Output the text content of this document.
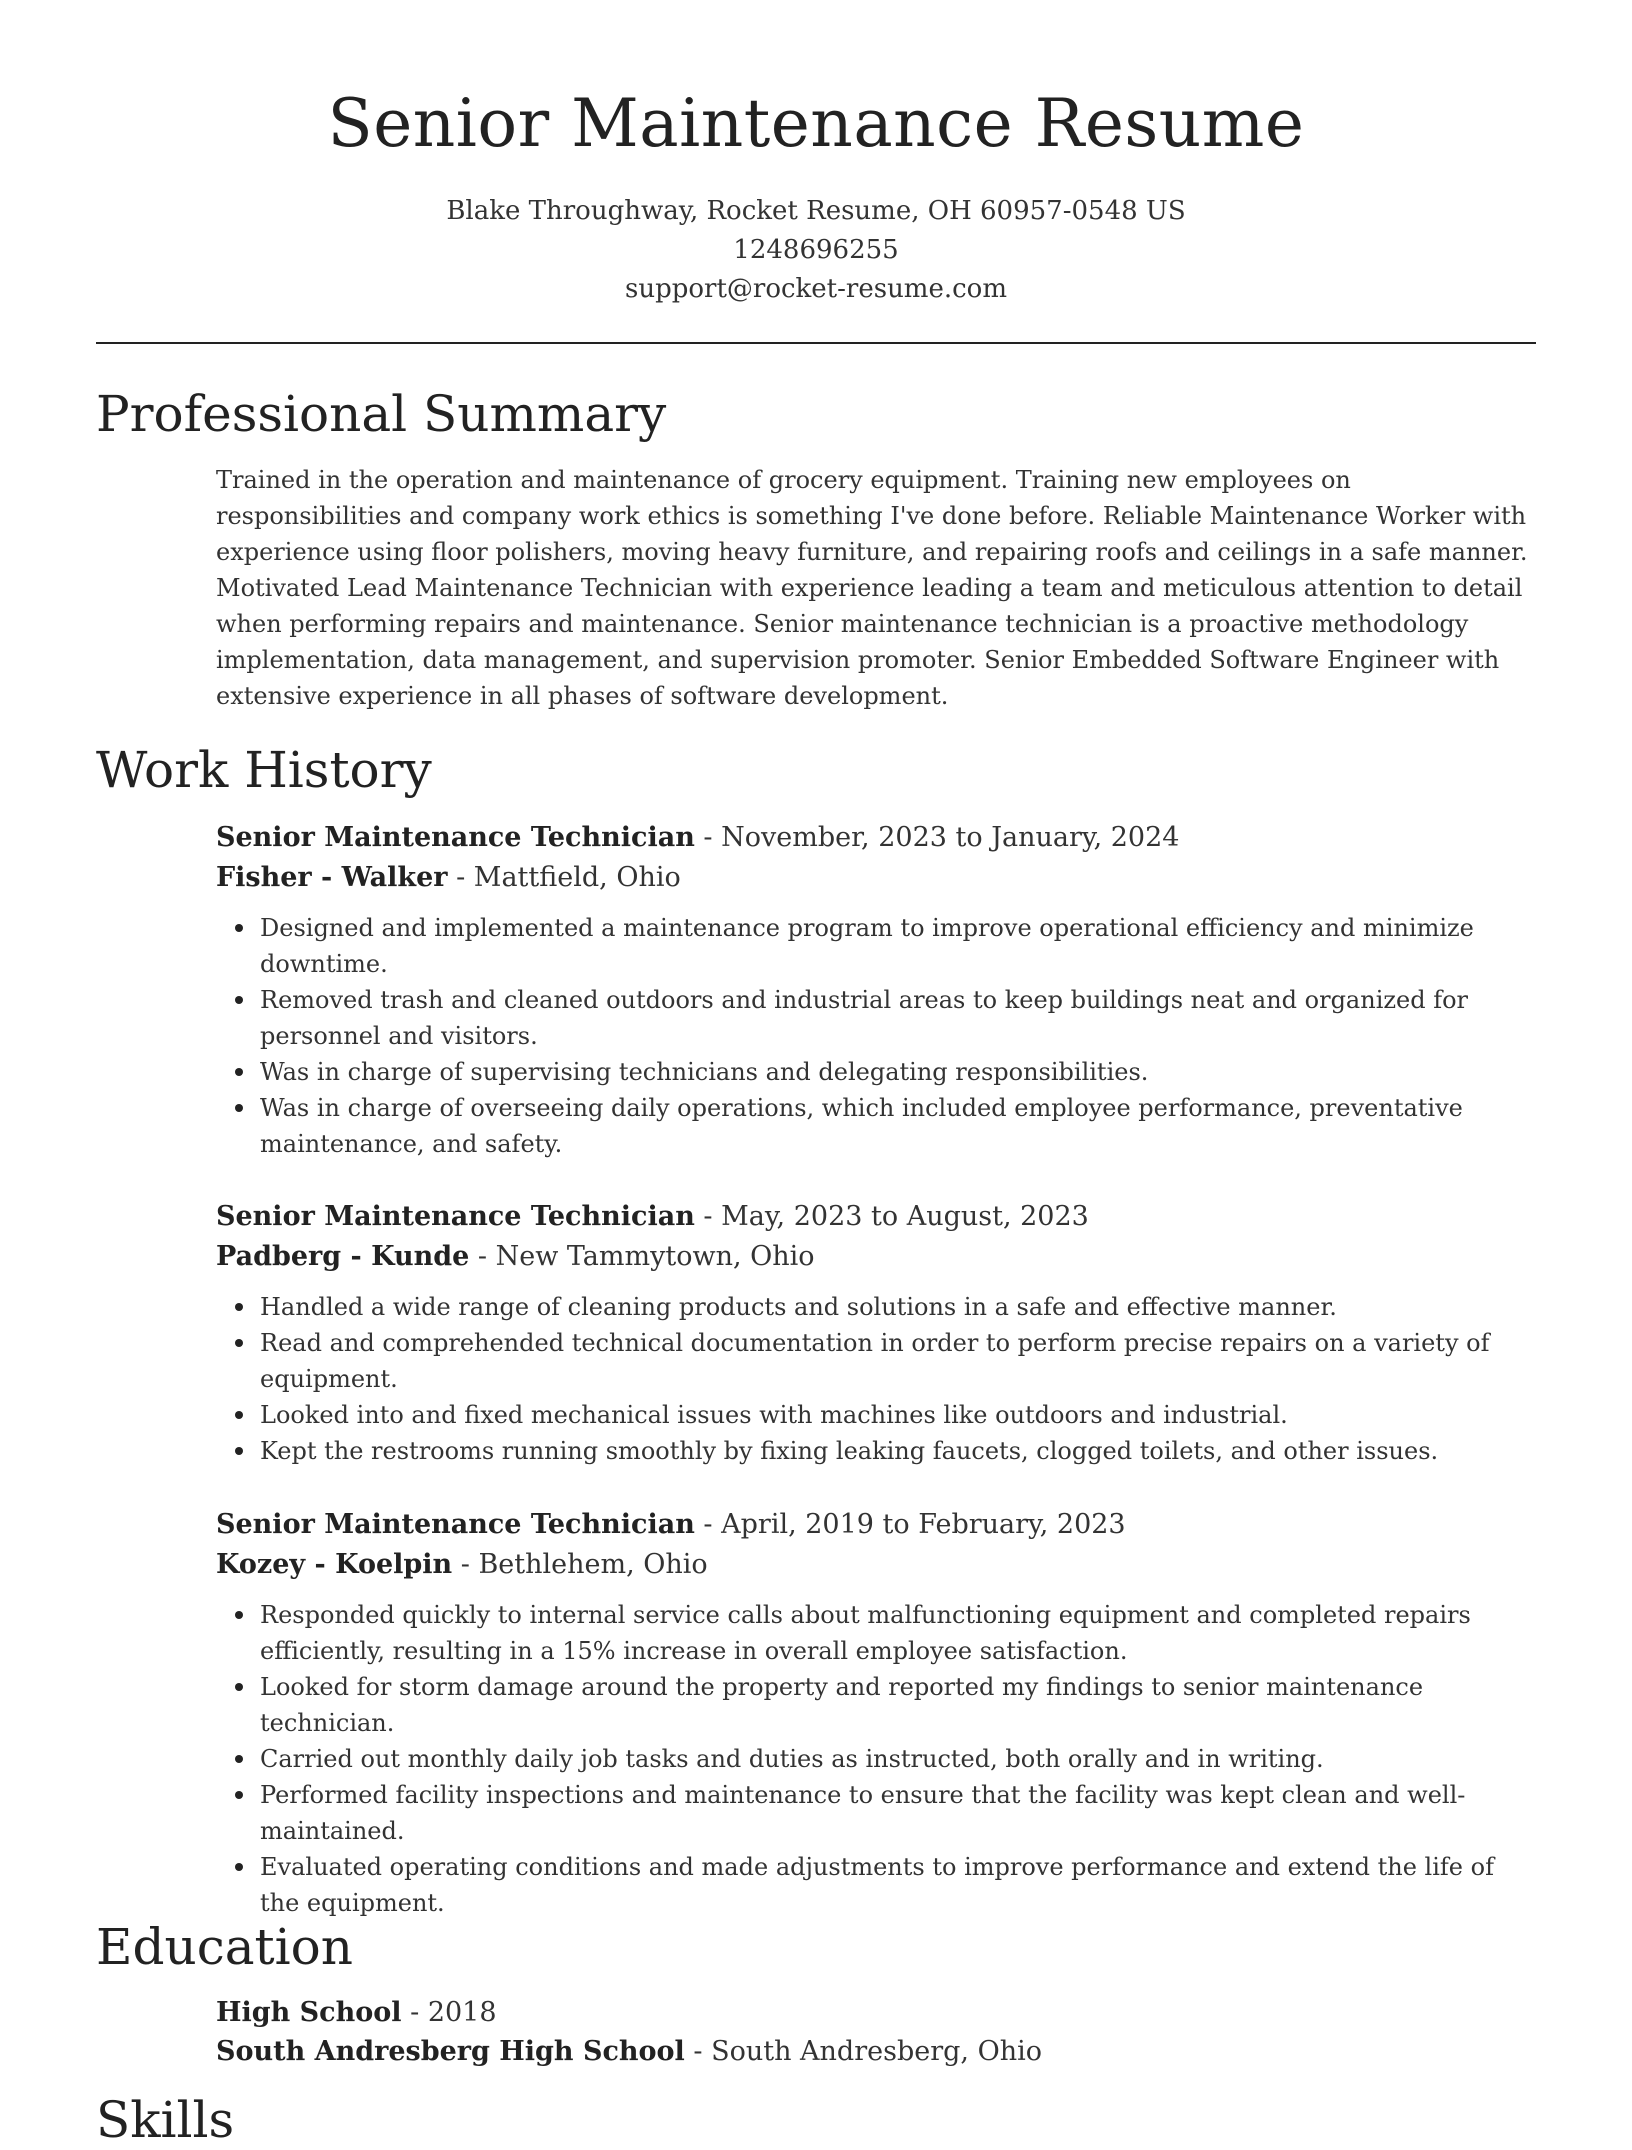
Senior Maintenance Resume
Blake Throughway, Rocket Resume, OH 60957-0548 US
1248696255
support@rocket-resume.com
Professional Summary
Trained in the operation and maintenance of grocery equipment. Training new employees on responsibilities and company work ethics is something I've done before. Reliable Maintenance Worker with experience using floor polishers, moving heavy furniture, and repairing roofs and ceilings in a safe manner. Motivated Lead Maintenance Technician with experience leading a team and meticulous attention to detail when performing repairs and maintenance. Senior maintenance technician is a proactive methodology implementation, data management, and supervision promoter. Senior Embedded Software Engineer with extensive experience in all phases of software development.
Work History
Senior Maintenance Technician - November, 2023 to January, 2024
Fisher - Walker - Mattfield, Ohio
Designed and implemented a maintenance program to improve operational efficiency and minimize downtime.
Removed trash and cleaned outdoors and industrial areas to keep buildings neat and organized for personnel and visitors.
Was in charge of supervising technicians and delegating responsibilities.
Was in charge of overseeing daily operations, which included employee performance, preventative maintenance, and safety.
Senior Maintenance Technician - May, 2023 to August, 2023
Padberg - Kunde - New Tammytown, Ohio
Handled a wide range of cleaning products and solutions in a safe and effective manner.
Read and comprehended technical documentation in order to perform precise repairs on a variety of equipment.
Looked into and fixed mechanical issues with machines like outdoors and industrial.
Kept the restrooms running smoothly by fixing leaking faucets, clogged toilets, and other issues.
Senior Maintenance Technician - April, 2019 to February, 2023
Kozey - Koelpin - Bethlehem, Ohio
Responded quickly to internal service calls about malfunctioning equipment and completed repairs efficiently, resulting in a 15% increase in overall employee satisfaction.
Looked for storm damage around the property and reported my findings to senior maintenance technician.
Carried out monthly daily job tasks and duties as instructed, both orally and in writing.
Performed facility inspections and maintenance to ensure that the facility was kept clean and well-maintained.
Evaluated operating conditions and made adjustments to improve performance and extend the life of the equipment.
Education
High School - 2018
South Andresberg High School - South Andresberg, Ohio
Skills
